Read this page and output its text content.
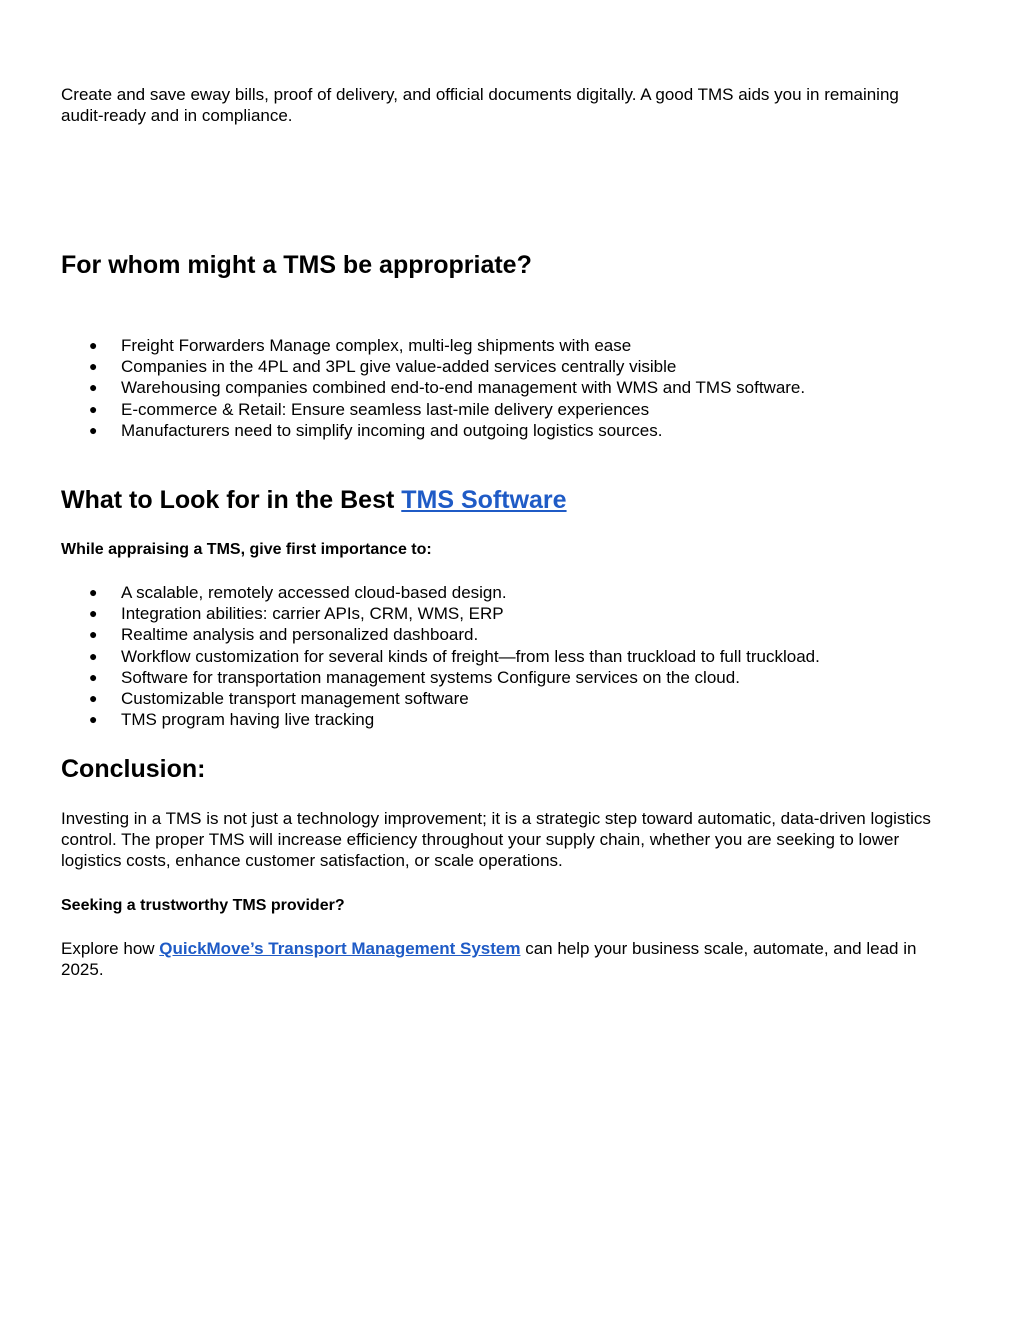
Create and save eway bills, proof of delivery, and official documents digitally. A good TMS aids you in remaining audit-ready and in compliance.

For whom might a TMS be appropriate?
● Freight Forwarders Manage complex, multi-leg shipments with ease
● Companies in the 4PL and 3PL give value-added services centrally visible
● Warehousing companies combined end-to-end management with WMS and TMS software.
● E-commerce & Retail: Ensure seamless last-mile delivery experiences
● Manufacturers need to simplify incoming and outgoing logistics sources.
What to Look for in the Best TMS Software

While appraising a TMS, give first importance to:

● A scalable, remotely accessed cloud-based design.
● Integration abilities: carrier APIs, CRM, WMS, ERP
● Realtime analysis and personalized dashboard.
● Workflow customization for several kinds of freight—from less than truckload to full truckload.
● Software for transportation management systems Configure services on the cloud.
● Customizable transport management software
● TMS program having live tracking
Conclusion:

Investing in a TMS is not just a technology improvement; it is a strategic step toward automatic, data-driven logistics control. The proper TMS will increase efficiency throughout your supply chain, whether you are seeking to lower logistics costs, enhance customer satisfaction, or scale operations.

Seeking a trustworthy TMS provider?

Explore how QuickMove’s Transport Management System can help your business scale, automate, and lead in 2025.
